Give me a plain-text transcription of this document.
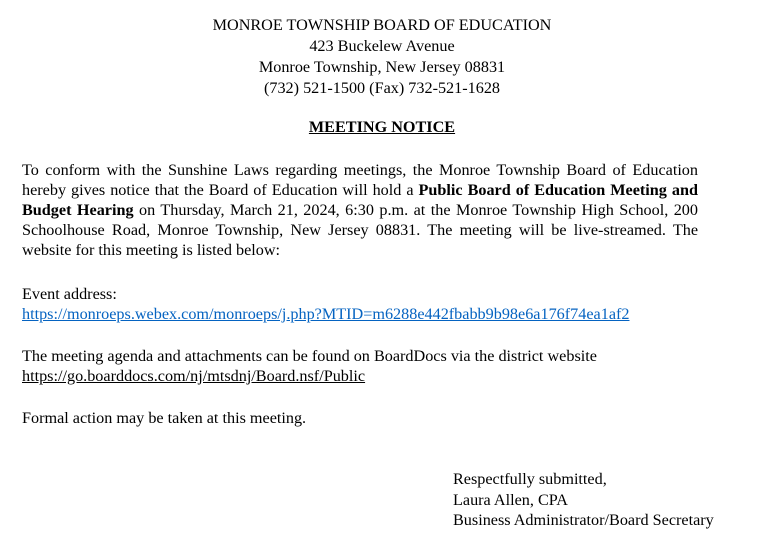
MONROE TOWNSHIP BOARD OF EDUCATION
423 Buckelew Avenue
Monroe Township, New Jersey 08831
(732) 521-1500 (Fax) 732-521-1628
MEETING NOTICE

To conform with the Sunshine Laws regarding meetings, the Monroe Township Board of Education hereby gives notice that the Board of Education will hold a Public Board of Education Meeting and Budget Hearing on Thursday, March 21, 2024, 6:30 p.m. at the Monroe Township High School, 200 Schoolhouse Road, Monroe Township, New Jersey 08831. The meeting will be live-streamed. The website for this meeting is listed below:

Event address:
https://monroeps.webex.com/monroeps/j.php?MTID=m6288e442fbabb9b98e6a176f74ea1af2

The meeting agenda and attachments can be found on BoardDocs via the district website
https://go.boarddocs.com/nj/mtsdnj/Board.nsf/Public

Formal action may be taken at this meeting.

Respectfully submitted,
Laura Allen, CPA
Business Administrator/Board Secretary
